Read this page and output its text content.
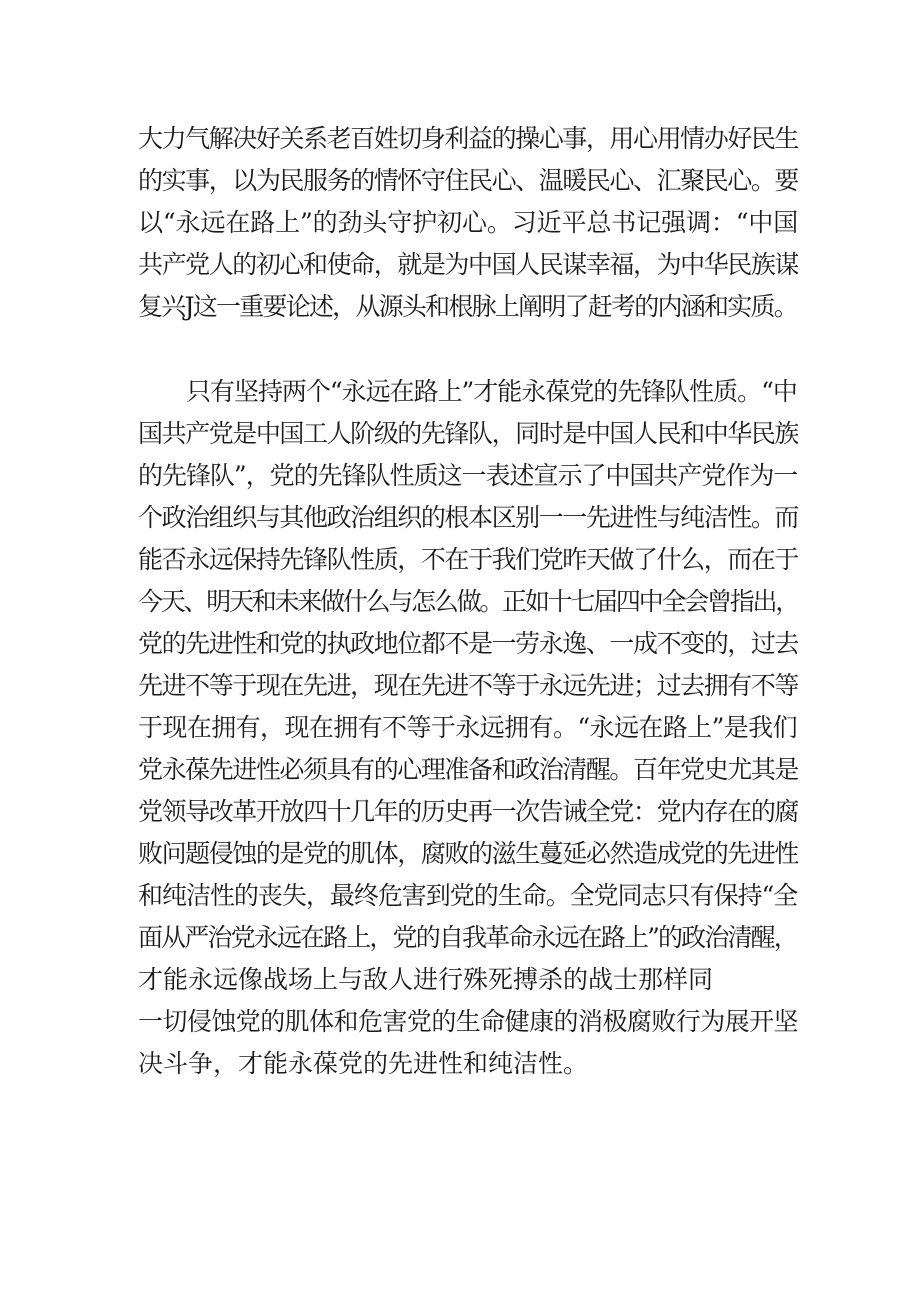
大力气解决好关系老百姓切身利益的操心事，用心用情办好民生
的实事，以为民服务的情怀守住民心、温暖民心、汇聚民心。要
以“永远在路上”的劲头守护初心。习近平总书记强调：“中国
共产党人的初心和使命，就是为中国人民谋幸福，为中华民族谋
复兴J这一重要论述，从源头和根脉上阐明了赶考的内涵和实质。
只有坚持两个“永远在路上”才能永葆党的先锋队性质。“中
国共产党是中国工人阶级的先锋队，同时是中国人民和中华民族
的先锋队”，党的先锋队性质这一表述宣示了中国共产党作为一
个政治组织与其他政治组织的根本区别一一先进性与纯洁性。而
能否永远保持先锋队性质，不在于我们党昨天做了什么，而在于
今天、明天和未来做什么与怎么做。正如十七届四中全会曾指出，
党的先进性和党的执政地位都不是一劳永逸、一成不变的，过去
先进不等于现在先进，现在先进不等于永远先进；过去拥有不等
于现在拥有，现在拥有不等于永远拥有。“永远在路上”是我们
党永葆先进性必须具有的心理准备和政治清醒。百年党史尤其是
党领导改革开放四十几年的历史再一次告诫全党：党内存在的腐
败问题侵蚀的是党的肌体，腐败的滋生蔓延必然造成党的先进性
和纯洁性的丧失，最终危害到党的生命。全党同志只有保持“全
面从严治党永远在路上，党的自我革命永远在路上”的政治清醒，
才能永远像战场上与敌人进行殊死搏杀的战士那样同
一切侵蚀党的肌体和危害党的生命健康的消极腐败行为展开坚
决斗争，才能永葆党的先进性和纯洁性。
